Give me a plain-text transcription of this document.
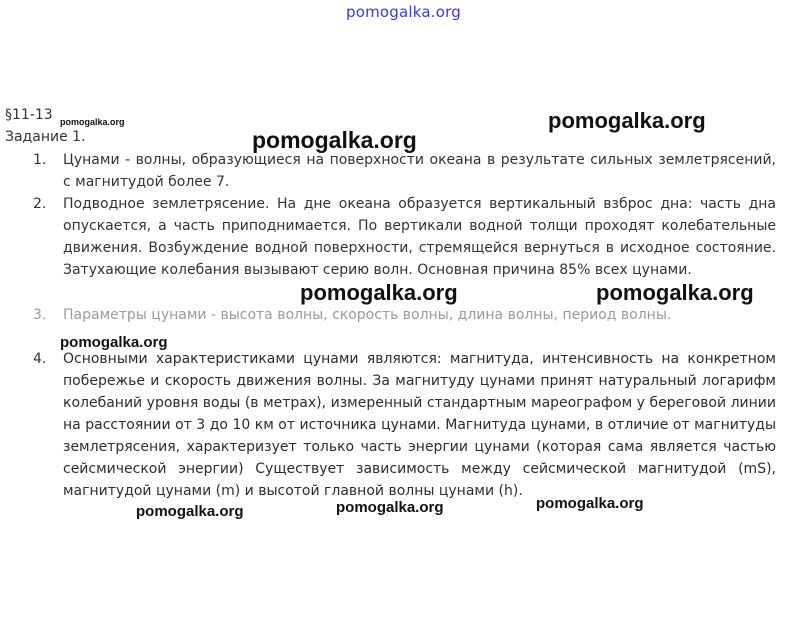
pomogalka.org
§11-13 pomogalka.org
Задание 1.
pomogalka.org
pomogalka.org
1. Цунами - волны, образующиеся на поверхности океана в результате сильных землетрясений, с магнитудой более 7.
2. Подводное землетрясение. На дне океана образуется вертикальный взброс дна: часть дна опускается, а часть приподнимается. По вертикали водной толщи проходят колебательные движения. Возбуждение водной поверхности, стремящейся вернуться в исходное состояние. Затухающие колебания вызывают серию волн. Основная причина 85% всех цунами.
pomogalka.org	pomogalka.org
3. Параметры цунами - высота волны, скорость волны, длина волны, период волны.
pomogalka.org
4. Основными характеристиками цунами являются: магнитуда, интенсивность на конкретном побережье и скорость движения волны. За магнитуду цунами принят натуральный логарифм колебаний уровня воды (в метрах), измеренный стандартным мареографом у береговой линии на расстоянии от 3 до 10 км от источника цунами. Магнитуда цунами, в отличие от магнитуды землетрясения, характеризует только часть энергии цунами (которая сама является частью сейсмической энергии) Существует зависимость между сейсмической магнитудой (mS), магнитудой цунами (m) и высотой главной волны цунами (h).
pomogalka.org	pomogalka.org	pomogalka.org
